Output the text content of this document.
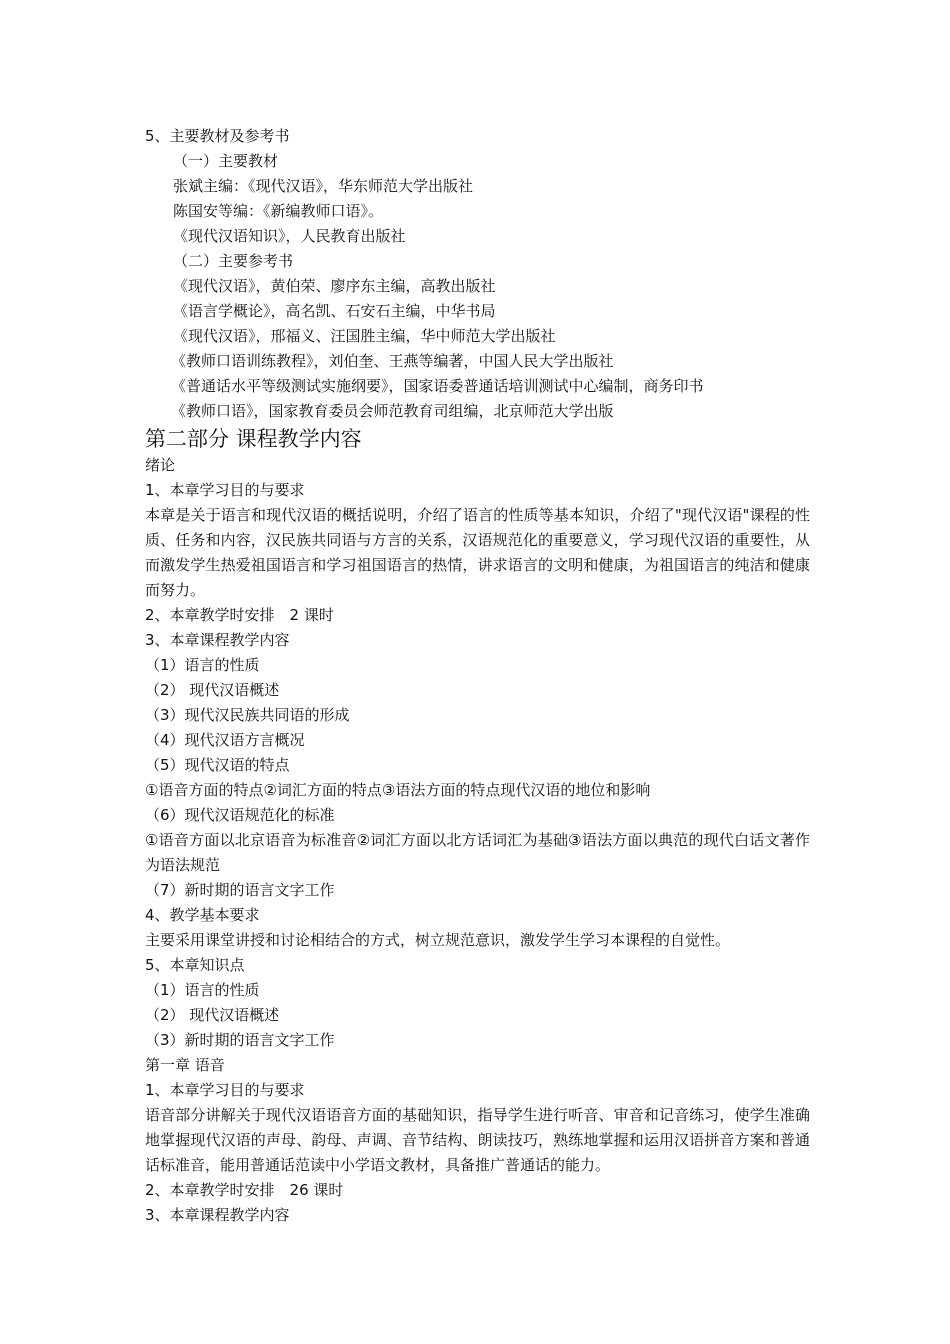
5、主要教材及参考书
（一）主要教材
张斌主编：《现代汉语》，华东师范大学出版社
陈国安等编：《新编教师口语》。
《现代汉语知识》，人民教育出版社
（二）主要参考书
《现代汉语》，黄伯荣、廖序东主编，高教出版社
《语言学概论》，高名凯、石安石主编，中华书局
《现代汉语》，邢福义、汪国胜主编，华中师范大学出版社
《教师口语训练教程》，刘伯奎、王燕等编著，中国人民大学出版社
《普通话水平等级测试实施纲要》，国家语委普通话培训测试中心编制，商务印书
《教师口语》，国家教育委员会师范教育司组编，北京师范大学出版
第二部分 课程教学内容
绪论
1、本章学习目的与要求
本章是关于语言和现代汉语的概括说明，介绍了语言的性质等基本知识，介绍了"现代汉语"课程的性质、任务和内容，汉民族共同语与方言的关系，汉语规范化的重要意义，学习现代汉语的重要性，从而激发学生热爱祖国语言和学习祖国语言的热情，讲求语言的文明和健康，为祖国语言的纯洁和健康而努力。
2、本章教学时安排　2 课时
3、本章课程教学内容
（1）语言的性质
（2） 现代汉语概述
（3）现代汉民族共同语的形成
（4）现代汉语方言概况
（5）现代汉语的特点
①语音方面的特点②词汇方面的特点③语法方面的特点现代汉语的地位和影响
（6）现代汉语规范化的标准
①语音方面以北京语音为标准音②词汇方面以北方话词汇为基础③语法方面以典范的现代白话文著作为语法规范
（7）新时期的语言文字工作
4、教学基本要求
主要采用课堂讲授和讨论相结合的方式，树立规范意识，激发学生学习本课程的自觉性。
5、本章知识点
（1）语言的性质
（2） 现代汉语概述
（3）新时期的语言文字工作
第一章 语音
1、本章学习目的与要求
语音部分讲解关于现代汉语语音方面的基础知识，指导学生进行听音、审音和记音练习，使学生准确地掌握现代汉语的声母、韵母、声调、音节结构、朗读技巧，熟练地掌握和运用汉语拼音方案和普通话标准音，能用普通话范读中小学语文教材，具备推广普通话的能力。
2、本章教学时安排　26 课时
3、本章课程教学内容
